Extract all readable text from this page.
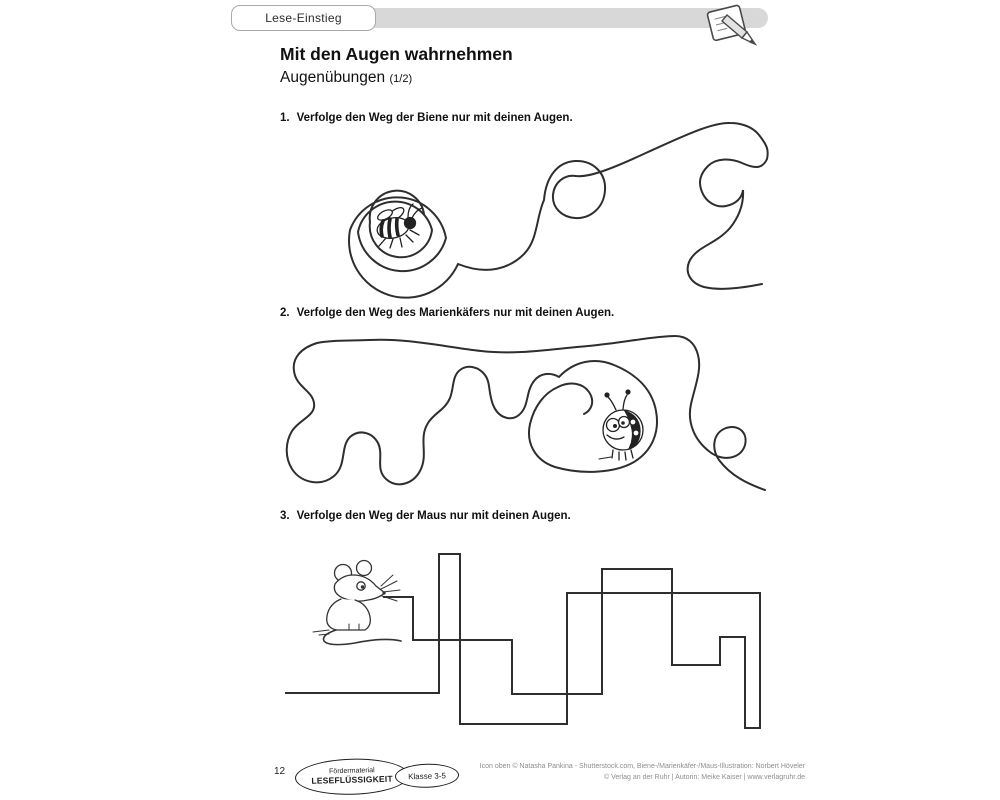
Lese-Einstieg
Mit den Augen wahrnehmen
Augenübungen (1/2)
1. Verfolge den Weg der Biene nur mit deinen Augen.
2. Verfolge den Weg des Marienkäfers nur mit deinen Augen.
3. Verfolge den Weg der Maus nur mit deinen Augen.
12	Fördermaterial
LESEFLÜSSIGKEIT Klasse 3-5
Icon oben © Natasha Pankina - Shutterstock.com, Biene-/Marienkäfer-/Maus-Illustration: Norbert Höveler
© Verlag an der Ruhr | Autorin: Meike Kaiser | www.verlagruhr.de
